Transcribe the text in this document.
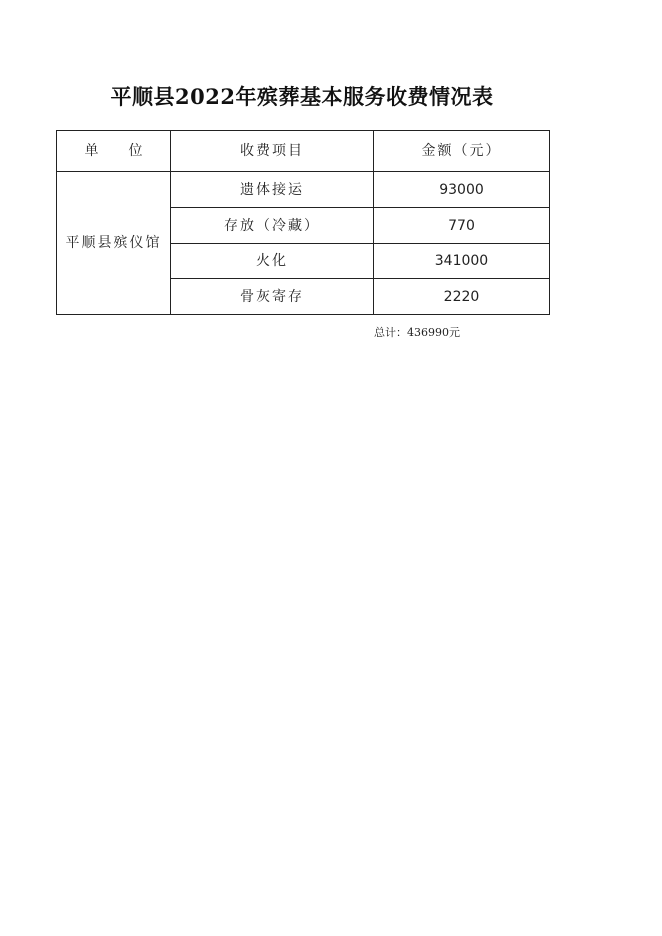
平顺县2022年殡葬基本服务收费情况表
单 位	收费项目	金额（元）
平顺县殡仪馆	遗体接运	93000
	存放（冷藏）	770
	火化	341000
	骨灰寄存	2220
总计：436990元
